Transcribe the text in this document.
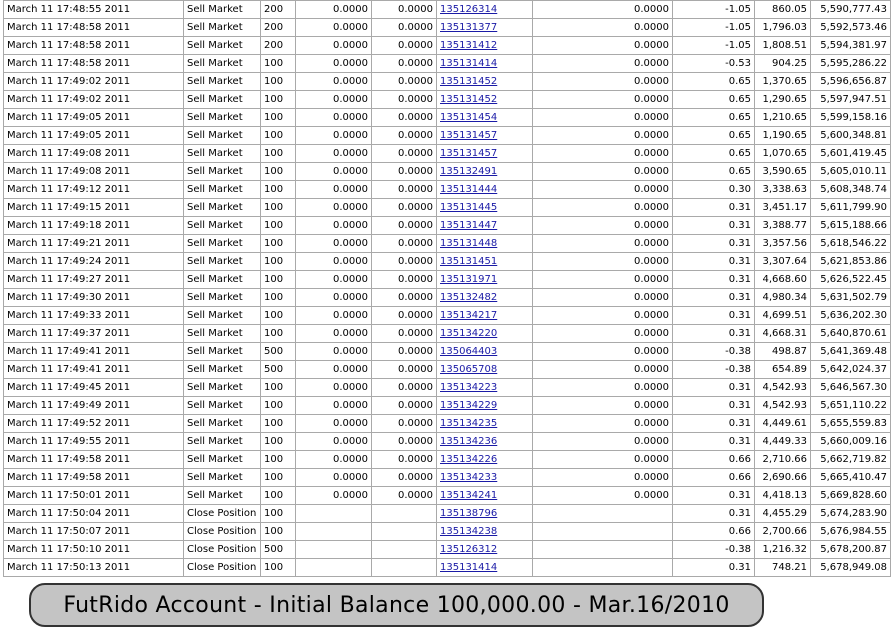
March 11 17:48:55 2011	Sell Market	200	0.0000	0.0000	135126314	0.0000	-1.05	860.05	5,590,777.43
March 11 17:48:58 2011	Sell Market	200	0.0000	0.0000	135131377	0.0000	-1.05	1,796.03	5,592,573.46
March 11 17:48:58 2011	Sell Market	200	0.0000	0.0000	135131412	0.0000	-1.05	1,808.51	5,594,381.97
March 11 17:48:58 2011	Sell Market	100	0.0000	0.0000	135131414	0.0000	-0.53	904.25	5,595,286.22
March 11 17:49:02 2011	Sell Market	100	0.0000	0.0000	135131452	0.0000	0.65	1,370.65	5,596,656.87
March 11 17:49:02 2011	Sell Market	100	0.0000	0.0000	135131452	0.0000	0.65	1,290.65	5,597,947.51
March 11 17:49:05 2011	Sell Market	100	0.0000	0.0000	135131454	0.0000	0.65	1,210.65	5,599,158.16
March 11 17:49:05 2011	Sell Market	100	0.0000	0.0000	135131457	0.0000	0.65	1,190.65	5,600,348.81
March 11 17:49:08 2011	Sell Market	100	0.0000	0.0000	135131457	0.0000	0.65	1,070.65	5,601,419.45
March 11 17:49:08 2011	Sell Market	100	0.0000	0.0000	135132491	0.0000	0.65	3,590.65	5,605,010.11
March 11 17:49:12 2011	Sell Market	100	0.0000	0.0000	135131444	0.0000	0.30	3,338.63	5,608,348.74
March 11 17:49:15 2011	Sell Market	100	0.0000	0.0000	135131445	0.0000	0.31	3,451.17	5,611,799.90
March 11 17:49:18 2011	Sell Market	100	0.0000	0.0000	135131447	0.0000	0.31	3,388.77	5,615,188.66
March 11 17:49:21 2011	Sell Market	100	0.0000	0.0000	135131448	0.0000	0.31	3,357.56	5,618,546.22
March 11 17:49:24 2011	Sell Market	100	0.0000	0.0000	135131451	0.0000	0.31	3,307.64	5,621,853.86
March 11 17:49:27 2011	Sell Market	100	0.0000	0.0000	135131971	0.0000	0.31	4,668.60	5,626,522.45
March 11 17:49:30 2011	Sell Market	100	0.0000	0.0000	135132482	0.0000	0.31	4,980.34	5,631,502.79
March 11 17:49:33 2011	Sell Market	100	0.0000	0.0000	135134217	0.0000	0.31	4,699.51	5,636,202.30
March 11 17:49:37 2011	Sell Market	100	0.0000	0.0000	135134220	0.0000	0.31	4,668.31	5,640,870.61
March 11 17:49:41 2011	Sell Market	500	0.0000	0.0000	135064403	0.0000	-0.38	498.87	5,641,369.48
March 11 17:49:41 2011	Sell Market	500	0.0000	0.0000	135065708	0.0000	-0.38	654.89	5,642,024.37
March 11 17:49:45 2011	Sell Market	100	0.0000	0.0000	135134223	0.0000	0.31	4,542.93	5,646,567.30
March 11 17:49:49 2011	Sell Market	100	0.0000	0.0000	135134229	0.0000	0.31	4,542.93	5,651,110.22
March 11 17:49:52 2011	Sell Market	100	0.0000	0.0000	135134235	0.0000	0.31	4,449.61	5,655,559.83
March 11 17:49:55 2011	Sell Market	100	0.0000	0.0000	135134236	0.0000	0.31	4,449.33	5,660,009.16
March 11 17:49:58 2011	Sell Market	100	0.0000	0.0000	135134226	0.0000	0.66	2,710.66	5,662,719.82
March 11 17:49:58 2011	Sell Market	100	0.0000	0.0000	135134233	0.0000	0.66	2,690.66	5,665,410.47
March 11 17:50:01 2011	Sell Market	100	0.0000	0.0000	135134241	0.0000	0.31	4,418.13	5,669,828.60
March 11 17:50:04 2011	Close Position	100			135138796		0.31	4,455.29	5,674,283.90
March 11 17:50:07 2011	Close Position	100			135134238		0.66	2,700.66	5,676,984.55
March 11 17:50:10 2011	Close Position	500			135126312		-0.38	1,216.32	5,678,200.87
March 11 17:50:13 2011	Close Position	100			135131414		0.31	748.21	5,678,949.08
FutRido Account - Initial Balance 100,000.00 - Mar.16/2010
